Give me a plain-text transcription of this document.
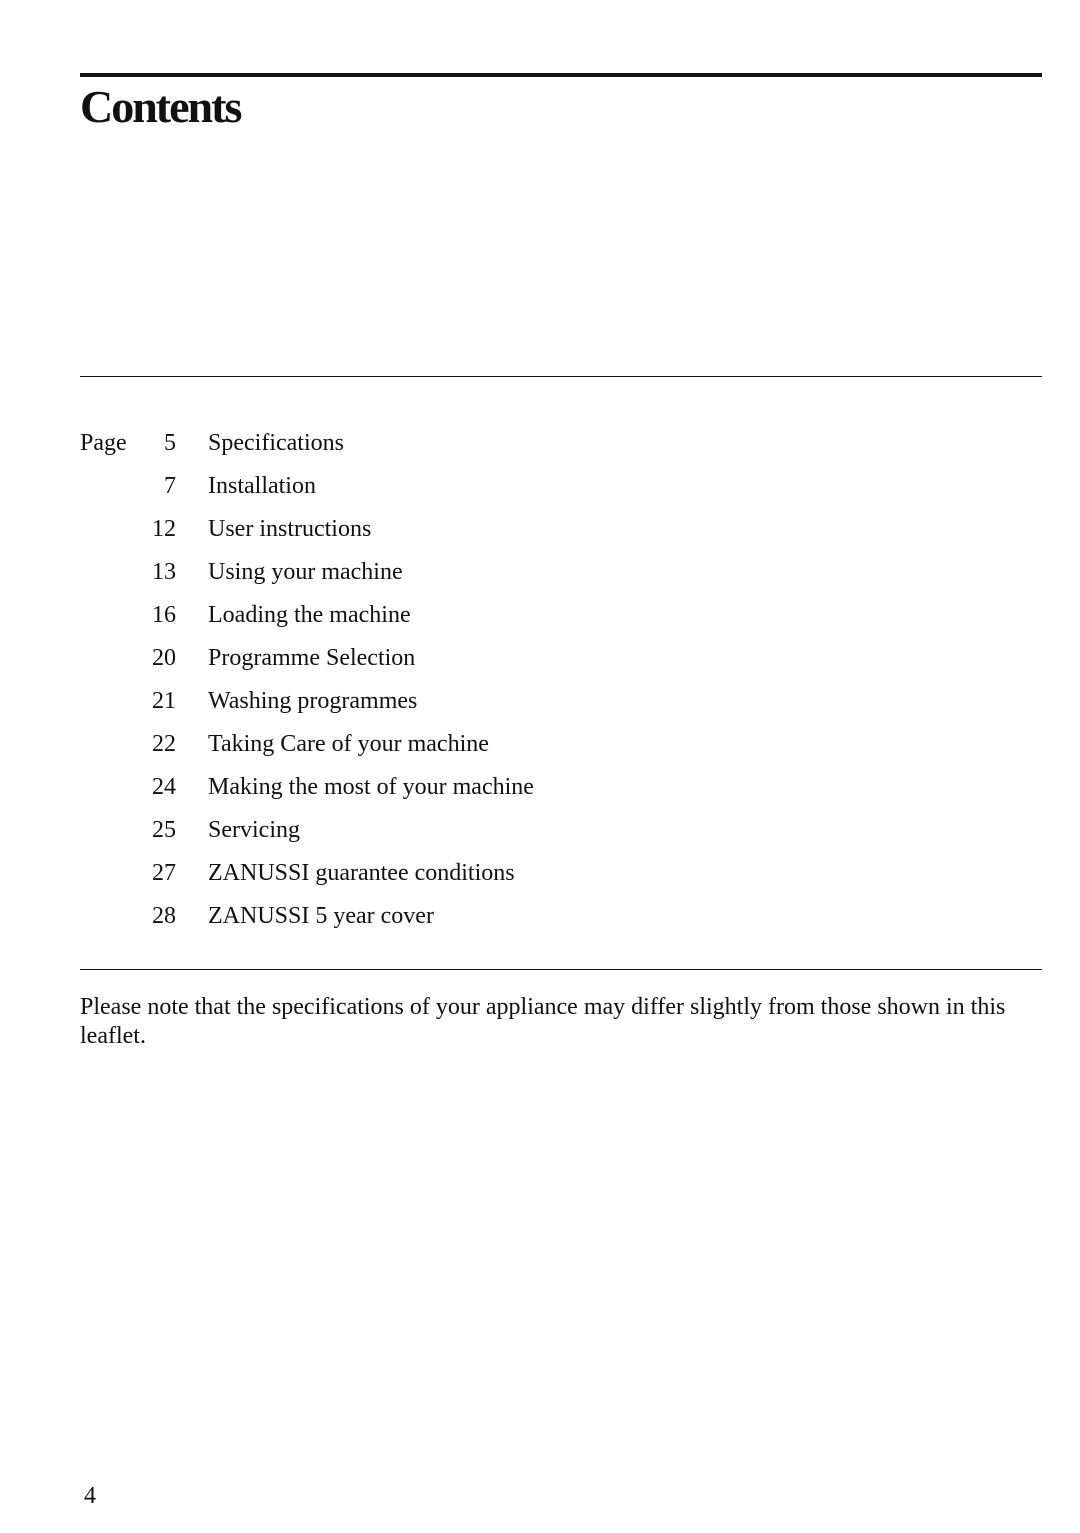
Contents
Page	5 Specifications
7 Installation
12 User instructions
13 Using your machine
16 Loading the machine
20 Programme Selection
21 Washing programmes
22 Taking Care of your machine
24 Making the most of your machine
25 Servicing
27 ZANUSSI guarantee conditions
28 ZANUSSI 5 year cover

Please note that the specifications of your appliance may differ slightly from those shown in this leaflet.

4
